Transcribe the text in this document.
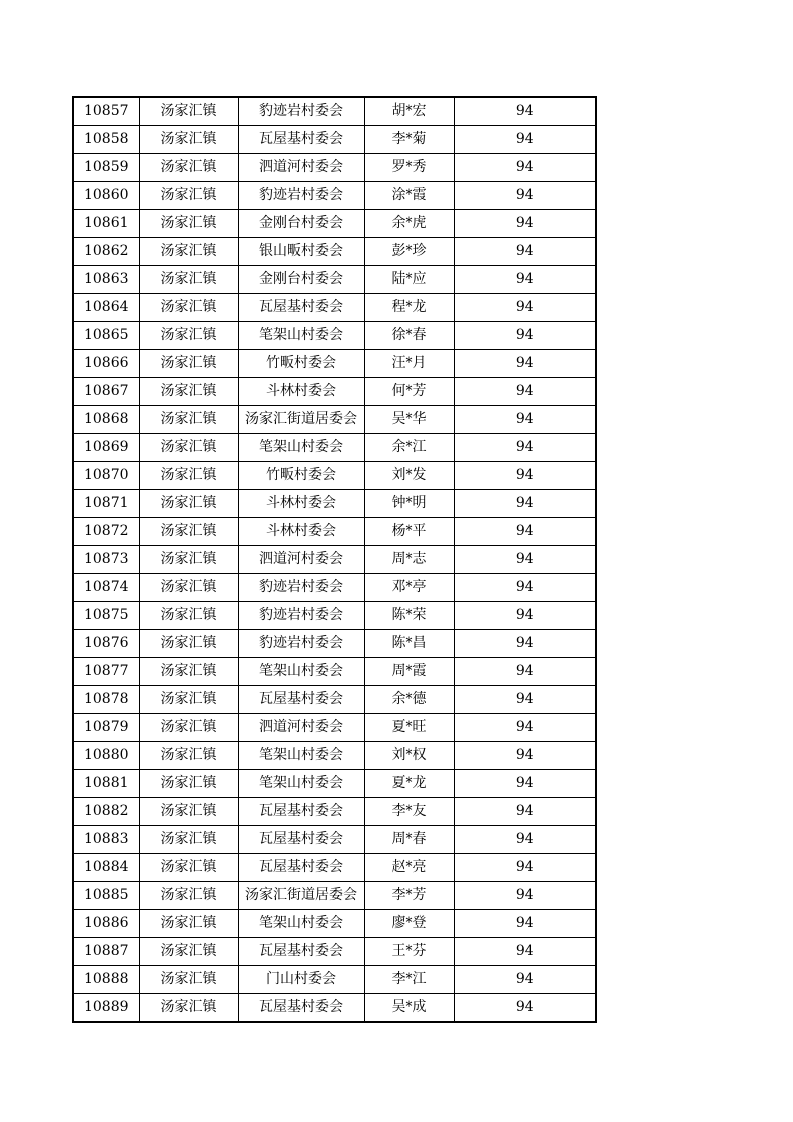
10857	汤家汇镇	豹迹岩村委会	胡*宏	94
10858	汤家汇镇	瓦屋基村委会	李*菊	94
10859	汤家汇镇	泗道河村委会	罗*秀	94
10860	汤家汇镇	豹迹岩村委会	涂*霞	94
10861	汤家汇镇	金刚台村委会	余*虎	94
10862	汤家汇镇	银山畈村委会	彭*珍	94
10863	汤家汇镇	金刚台村委会	陆*应	94
10864	汤家汇镇	瓦屋基村委会	程*龙	94
10865	汤家汇镇	笔架山村委会	徐*春	94
10866	汤家汇镇	竹畈村委会	汪*月	94
10867	汤家汇镇	斗林村委会	何*芳	94
10868	汤家汇镇	汤家汇街道居委会	吴*华	94
10869	汤家汇镇	笔架山村委会	余*江	94
10870	汤家汇镇	竹畈村委会	刘*发	94
10871	汤家汇镇	斗林村委会	钟*明	94
10872	汤家汇镇	斗林村委会	杨*平	94
10873	汤家汇镇	泗道河村委会	周*志	94
10874	汤家汇镇	豹迹岩村委会	邓*亭	94
10875	汤家汇镇	豹迹岩村委会	陈*荣	94
10876	汤家汇镇	豹迹岩村委会	陈*昌	94
10877	汤家汇镇	笔架山村委会	周*霞	94
10878	汤家汇镇	瓦屋基村委会	余*德	94
10879	汤家汇镇	泗道河村委会	夏*旺	94
10880	汤家汇镇	笔架山村委会	刘*权	94
10881	汤家汇镇	笔架山村委会	夏*龙	94
10882	汤家汇镇	瓦屋基村委会	李*友	94
10883	汤家汇镇	瓦屋基村委会	周*春	94
10884	汤家汇镇	瓦屋基村委会	赵*亮	94
10885	汤家汇镇	汤家汇街道居委会	李*芳	94
10886	汤家汇镇	笔架山村委会	廖*登	94
10887	汤家汇镇	瓦屋基村委会	王*芬	94
10888	汤家汇镇	门山村委会	李*江	94
10889	汤家汇镇	瓦屋基村委会	吴*成	94
